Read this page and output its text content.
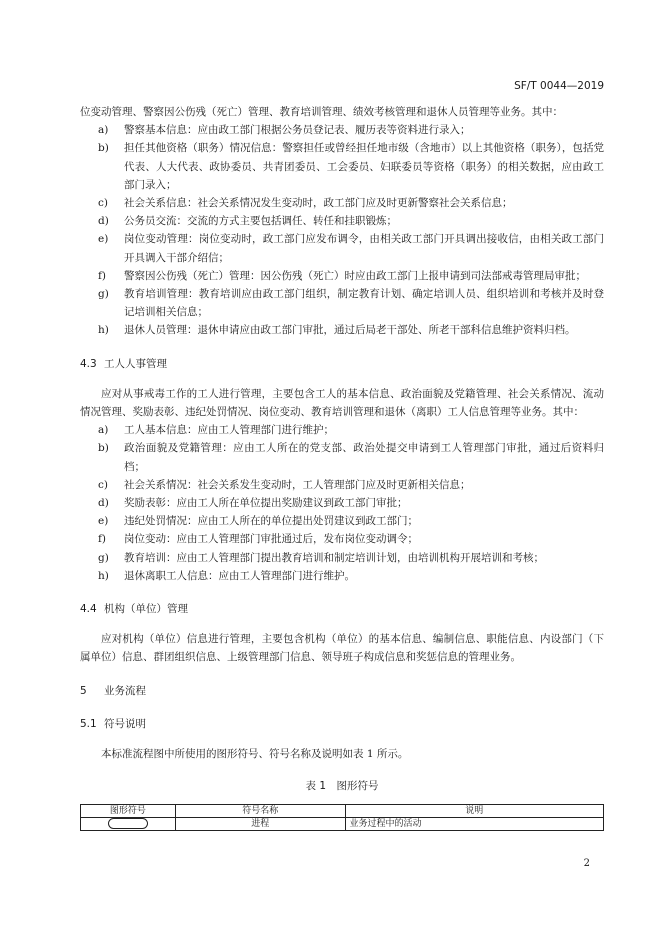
SF/T 0044—2019

位变动管理、警察因公伤残（死亡）管理、教育培训管理、绩效考核管理和退休人员管理等业务。其中：

a)	警察基本信息：应由政工部门根据公务员登记表、履历表等资料进行录入；
b)	担任其他资格（职务）情况信息：警察担任或曾经担任地市级（含地市）以上其他资格（职务），包括党代表、人大代表、政协委员、共青团委员、工会委员、妇联委员等资格（职务）的相关数据，应由政工部门录入；
c)	社会关系信息：社会关系情况发生变动时，政工部门应及时更新警察社会关系信息；
d)	公务员交流：交流的方式主要包括调任、转任和挂职锻炼；
e)	岗位变动管理：岗位变动时，政工部门应发布调令，由相关政工部门开具调出接收信，由相关政工部门开具调入干部介绍信；
f)	警察因公伤残（死亡）管理：因公伤残（死亡）时应由政工部门上报申请到司法部戒毒管理局审批；
g)	教育培训管理：教育培训应由政工部门组织，制定教育计划、确定培训人员、组织培训和考核并及时登记培训相关信息；
h)	退休人员管理：退休申请应由政工部门审批，通过后局老干部处、所老干部科信息维护资料归档。
4.3 工人人事管理

应对从事戒毒工作的工人进行管理，主要包含工人的基本信息、政治面貌及党籍管理、社会关系情况、流动情况管理、奖励表彰、违纪处罚情况、岗位变动、教育培训管理和退休（离职）工人信息管理等业务。其中：

a)	工人基本信息：应由工人管理部门进行维护；
b)	政治面貌及党籍管理：应由工人所在的党支部、政治处提交申请到工人管理部门审批，通过后资料归档；
c)	社会关系情况：社会关系发生变动时，工人管理部门应及时更新相关信息；
d)	奖励表彰：应由工人所在单位提出奖励建议到政工部门审批；
e)	违纪处罚情况：应由工人所在的单位提出处罚建议到政工部门；
f)	岗位变动：应由工人管理部门审批通过后，发布岗位变动调令；
g)	教育培训：应由工人管理部门提出教育培训和制定培训计划，由培训机构开展培训和考核；
h)	退休离职工人信息：应由工人管理部门进行维护。
4.4 机构（单位）管理

应对机构（单位）信息进行管理，主要包含机构（单位）的基本信息、编制信息、职能信息、内设部门（下属单位）信息、群团组织信息、上级管理部门信息、领导班子构成信息和奖惩信息的管理业务。

5 业务流程
5.1 符号说明

本标准流程图中所使用的图形符号、符号名称及说明如表 1 所示。

表 1　图形符号
图形符号	符号名称	说明
	进程	业务过程中的活动
2
